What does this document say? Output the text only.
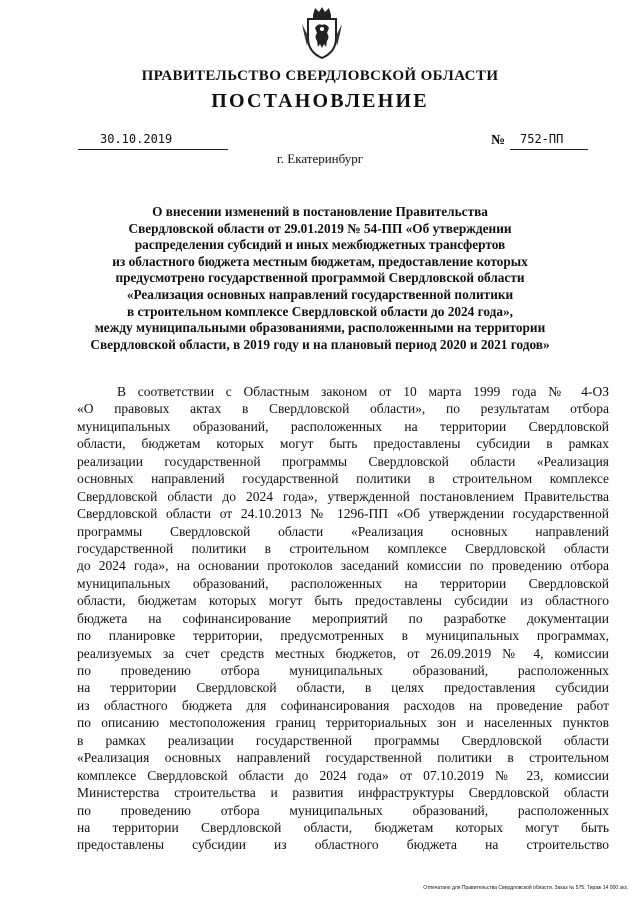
ПРАВИТЕЛЬСТВО СВЕРДЛОВСКОЙ ОБЛАСТИ
ПОСТАНОВЛЕНИЕ
30.10.2019	№ 752-ПП
г. Екатеринбург
О внесении изменений в постановление Правительства
Свердловской области от 29.01.2019 № 54-ПП «Об утверждении
распределения субсидий и иных межбюджетных трансфертов
из областного бюджета местным бюджетам, предоставление которых
предусмотрено государственной программой Свердловской области
«Реализация основных направлений государственной политики
в строительном комплексе Свердловской области до 2024 года»,
между муниципальными образованиями, расположенными на территории
Свердловской области, в 2019 году и на плановый период 2020 и 2021 годов»
В соответствии с Областным законом от 10 марта 1999 года № 4-ОЗ
«О правовых актах в Свердловской области», по результатам отбора
муниципальных образований, расположенных на территории Свердловской
области, бюджетам которых могут быть предоставлены субсидии в рамках
реализации государственной программы Свердловской области «Реализация
основных направлений государственной политики в строительном комплексе
Свердловской области до 2024 года», утвержденной постановлением Правительства
Свердловской области от 24.10.2013 № 1296-ПП «Об утверждении государственной
программы Свердловской области «Реализация основных направлений
государственной политики в строительном комплексе Свердловской области
до 2024 года», на основании протоколов заседаний комиссии по проведению отбора
муниципальных образований, расположенных на территории Свердловской
области, бюджетам которых могут быть предоставлены субсидии из областного
бюджета на софинансирование мероприятий по разработке документации
по планировке территории, предусмотренных в муниципальных программах,
реализуемых за счет средств местных бюджетов, от 26.09.2019 № 4, комиссии
по проведению отбора муниципальных образований, расположенных
на территории Свердловской области, в целях предоставления субсидии
из областного бюджета для софинансирования расходов на проведение работ
по описанию местоположения границ территориальных зон и населенных пунктов
в рамках реализации государственной программы Свердловской области
«Реализация основных направлений государственной политики в строительном
комплексе Свердловской области до 2024 года» от 07.10.2019 № 23, комиссии
Министерства строительства и развития инфраструктуры Свердловской области
по проведению отбора муниципальных образований, расположенных
на территории Свердловской области, бюджетам которых могут быть
предоставлены субсидии из областного бюджета на строительство
Отпечатано для Правительства Свердловской области. Заказ № 575. Тираж 14 000 экз.
